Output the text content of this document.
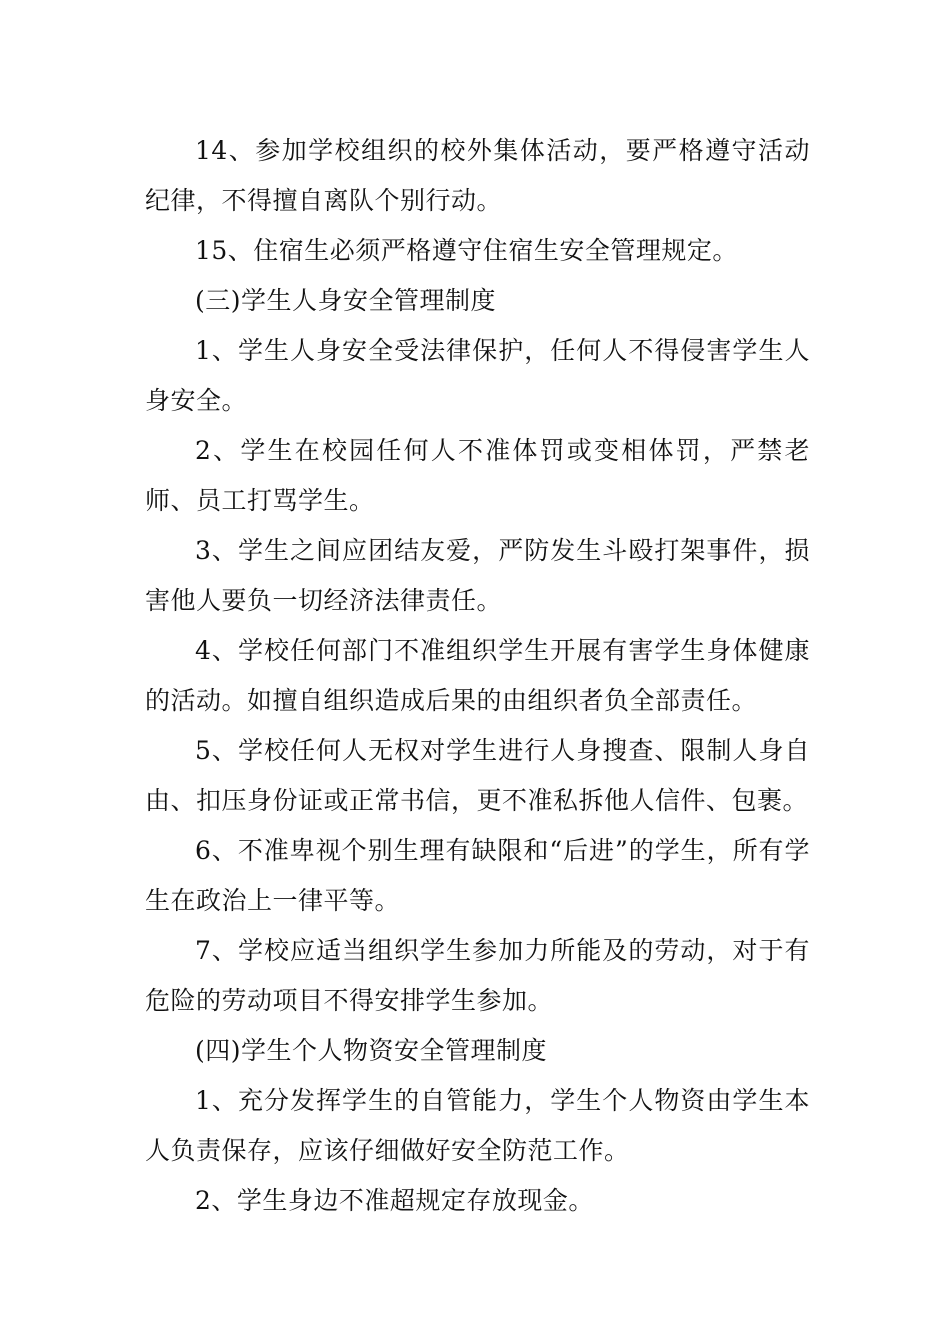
14、参加学校组织的校外集体活动，要严格遵守活动纪律，不得擅自离队个别行动。

15、住宿生必须严格遵守住宿生安全管理规定。

(三)学生人身安全管理制度

1、学生人身安全受法律保护，任何人不得侵害学生人身安全。

2、学生在校园任何人不准体罚或变相体罚，严禁老师、员工打骂学生。

3、学生之间应团结友爱，严防发生斗殴打架事件，损害他人要负一切经济法律责任。

4、学校任何部门不准组织学生开展有害学生身体健康的活动。如擅自组织造成后果的由组织者负全部责任。

5、学校任何人无权对学生进行人身搜查、限制人身自由、扣压身份证或正常书信，更不准私拆他人信件、包裹。

6、不准卑视个别生理有缺限和“后进”的学生，所有学生在政治上一律平等。

7、学校应适当组织学生参加力所能及的劳动，对于有危险的劳动项目不得安排学生参加。

(四)学生个人物资安全管理制度

1、充分发挥学生的自管能力，学生个人物资由学生本人负责保存，应该仔细做好安全防范工作。

2、学生身边不准超规定存放现金。
